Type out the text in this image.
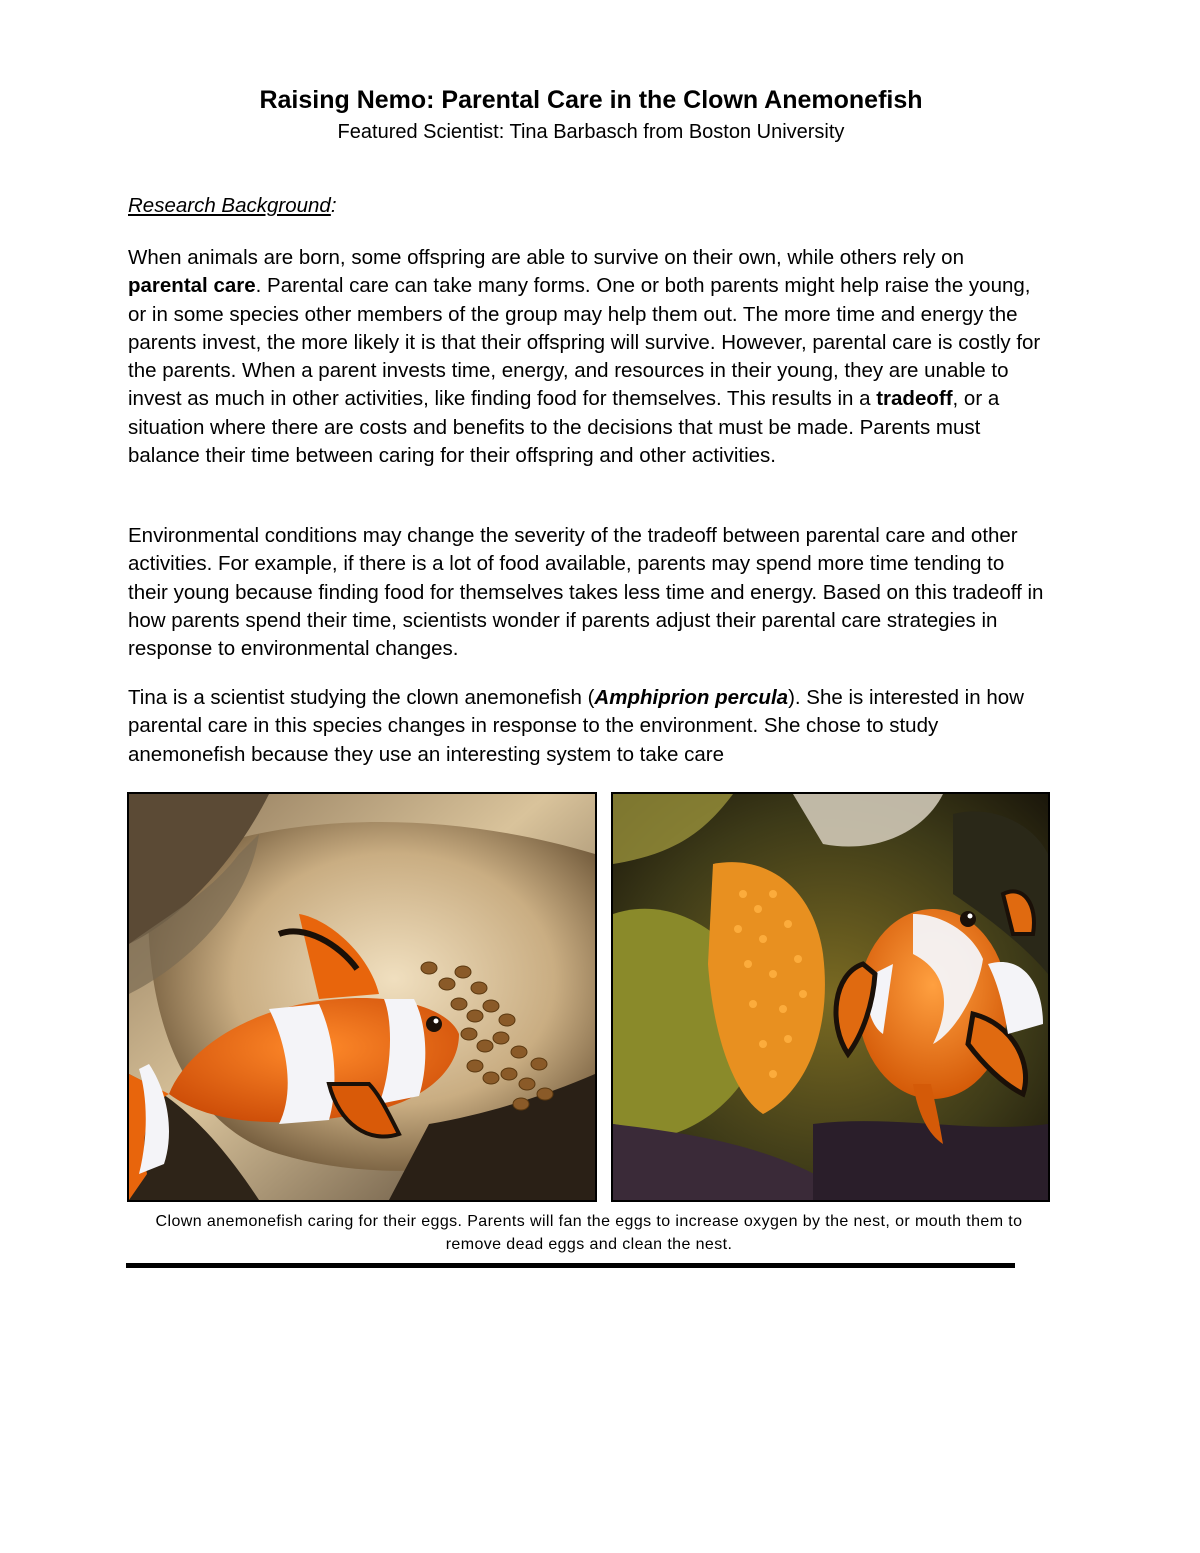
Raising Nemo: Parental Care in the Clown Anemonefish
Featured Scientist: Tina Barbasch from Boston University
Research Background:

When animals are born, some offspring are able to survive on their own, while others rely on parental care. Parental care can take many forms. One or both parents might help raise the young, or in some species other members of the group may help them out. The more time and energy the parents invest, the more likely it is that their offspring will survive. However, parental care is costly for the parents. When a parent invests time, energy, and resources in their young, they are unable to invest as much in other activities, like finding food for themselves. This results in a tradeoff, or a situation where there are costs and benefits to the decisions that must be made. Parents must balance their time between caring for their offspring and other activities.

Environmental conditions may change the severity of the tradeoff between parental care and other activities. For example, if there is a lot of food available, parents may spend more time tending to their young because finding food for themselves takes less time and energy. Based on this tradeoff in how parents spend their time, scientists wonder if parents adjust their parental care strategies in response to environmental changes.

Tina is a scientist studying the clown anemonefish (Amphiprion percula). She is interested in how parental care in this species changes in response to the environment. She chose to study anemonefish because they use an interesting system to take care

Clown anemonefish caring for their eggs. Parents will fan the eggs to increase oxygen by the nest, or mouth them to remove dead eggs and clean the nest.
